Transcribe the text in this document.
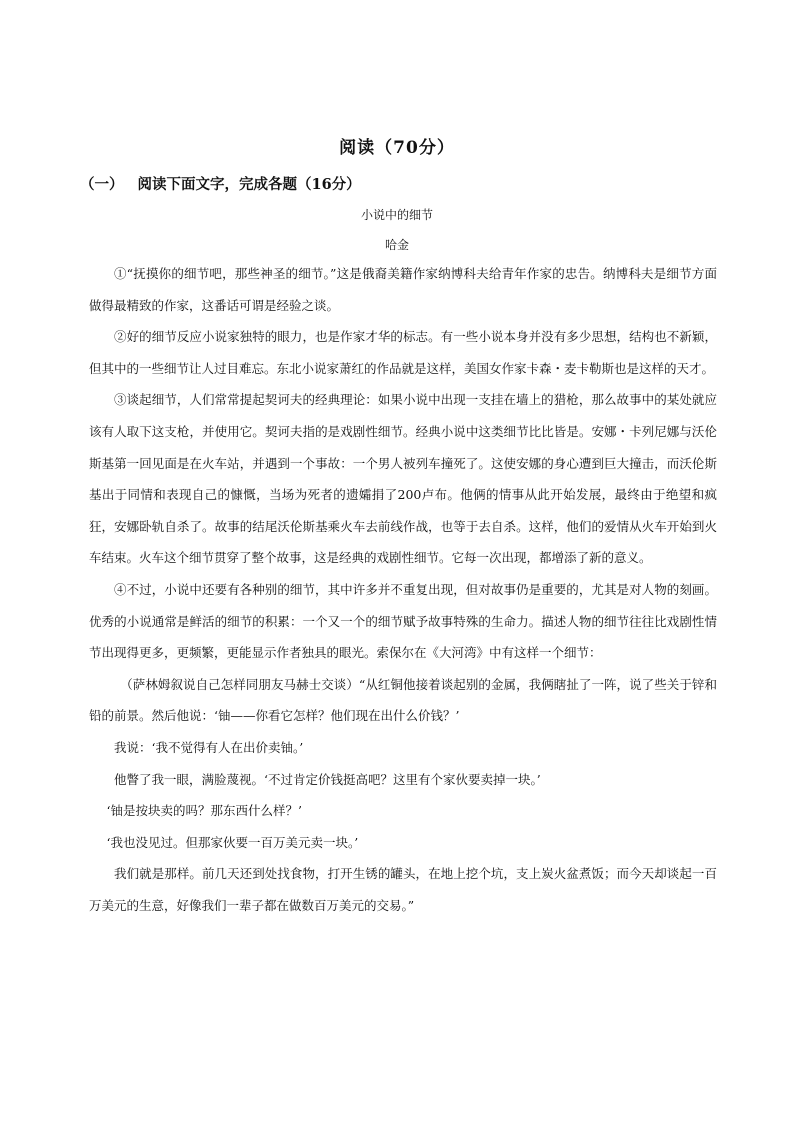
阅读（70分）
（一） 阅读下面文字，完成各题（16分）
小说中的细节
哈金

①“抚摸你的细节吧，那些神圣的细节。”这是俄裔美籍作家纳博科夫给青年作家的忠告。纳博科夫是细节方面做得最精致的作家，这番话可谓是经验之谈。

②好的细节反应小说家独特的眼力，也是作家才华的标志。有一些小说本身并没有多少思想，结构也不新颖，但其中的一些细节让人过目难忘。东北小说家萧红的作品就是这样，美国女作家卡森・麦卡勒斯也是这样的天才。

③谈起细节，人们常常提起契诃夫的经典理论：如果小说中出现一支挂在墙上的猎枪，那么故事中的某处就应该有人取下这支枪，并使用它。契诃夫指的是戏剧性细节。经典小说中这类细节比比皆是。安娜・卡列尼娜与沃伦斯基第一回见面是在火车站，并遇到一个事故：一个男人被列车撞死了。这使安娜的身心遭到巨大撞击，而沃伦斯基出于同情和表现自己的慷慨，当场为死者的遗孀捐了200卢布。他俩的情事从此开始发展，最终由于绝望和疯狂，安娜卧轨自杀了。故事的结尾沃伦斯基乘火车去前线作战，也等于去自杀。这样，他们的爱情从火车开始到火车结束。火车这个细节贯穿了整个故事，这是经典的戏剧性细节。它每一次出现，都增添了新的意义。

④不过，小说中还要有各种别的细节，其中许多并不重复出现，但对故事仍是重要的，尤其是对人物的刻画。优秀的小说通常是鲜活的细节的积累：一个又一个的细节赋予故事特殊的生命力。描述人物的细节往往比戏剧性情节出现得更多，更频繁，更能显示作者独具的眼光。索保尔在《大河湾》中有这样一个细节：

（萨林姆叙说自己怎样同朋友马赫士交谈）“从红铜他接着谈起别的金属，我俩瞎扯了一阵，说了些关于锌和铅的前景。然后他说：‘铀——你看它怎样？他们现在出什么价钱？’

我说：‘我不觉得有人在出价卖铀。’

他瞥了我一眼，满脸蔑视。‘不过肯定价钱挺高吧？这里有个家伙要卖掉一块。’

‘铀是按块卖的吗？那东西什么样？’

‘我也没见过。但那家伙要一百万美元卖一块。’

我们就是那样。前几天还到处找食物，打开生锈的罐头，在地上挖个坑，支上炭火盆煮饭；而今天却谈起一百万美元的生意，好像我们一辈子都在做数百万美元的交易。”
